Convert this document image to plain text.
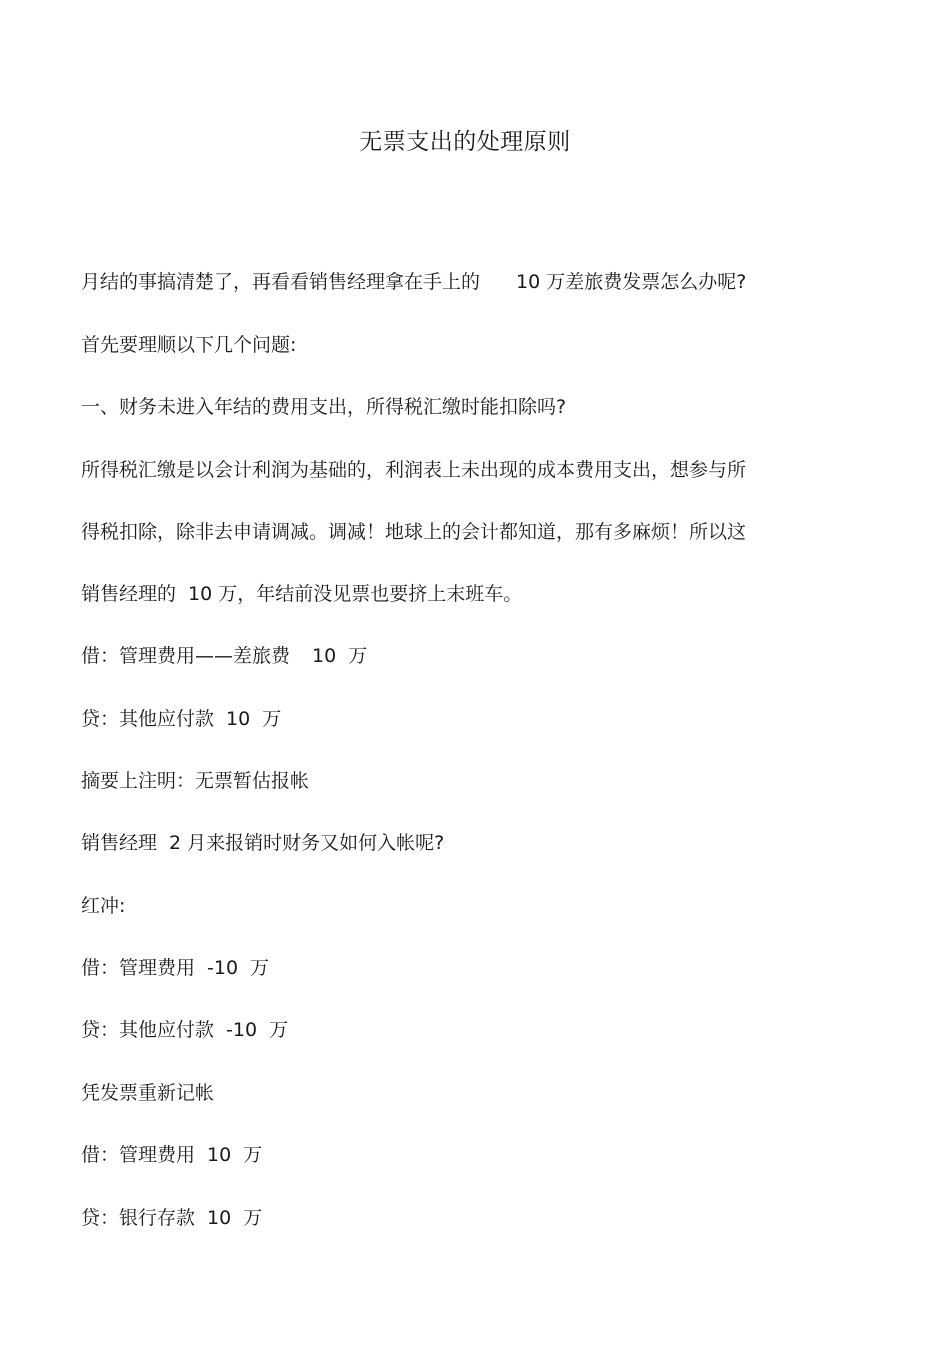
无票支出的处理原则
月结的事搞清楚了，再看看销售经理拿在手上的 10 万差旅费发票怎么办呢?
首先要理顺以下几个问题:
一、财务未进入年结的费用支出，所得税汇缴时能扣除吗?
所得税汇缴是以会计利润为基础的，利润表上未出现的成本费用支出，想参与所
得税扣除，除非去申请调减。调减！地球上的会计都知道，那有多麻烦！所以这
销售经理的 10 万，年结前没见票也要挤上末班车。
借：管理费用——差旅费 10 万
贷：其他应付款 10 万
摘要上注明：无票暂估报帐
销售经理 2 月来报销时财务又如何入帐呢?
红冲:
借：管理费用 -10 万
贷：其他应付款 -10 万
凭发票重新记帐
借：管理费用 10 万
贷：银行存款 10 万
